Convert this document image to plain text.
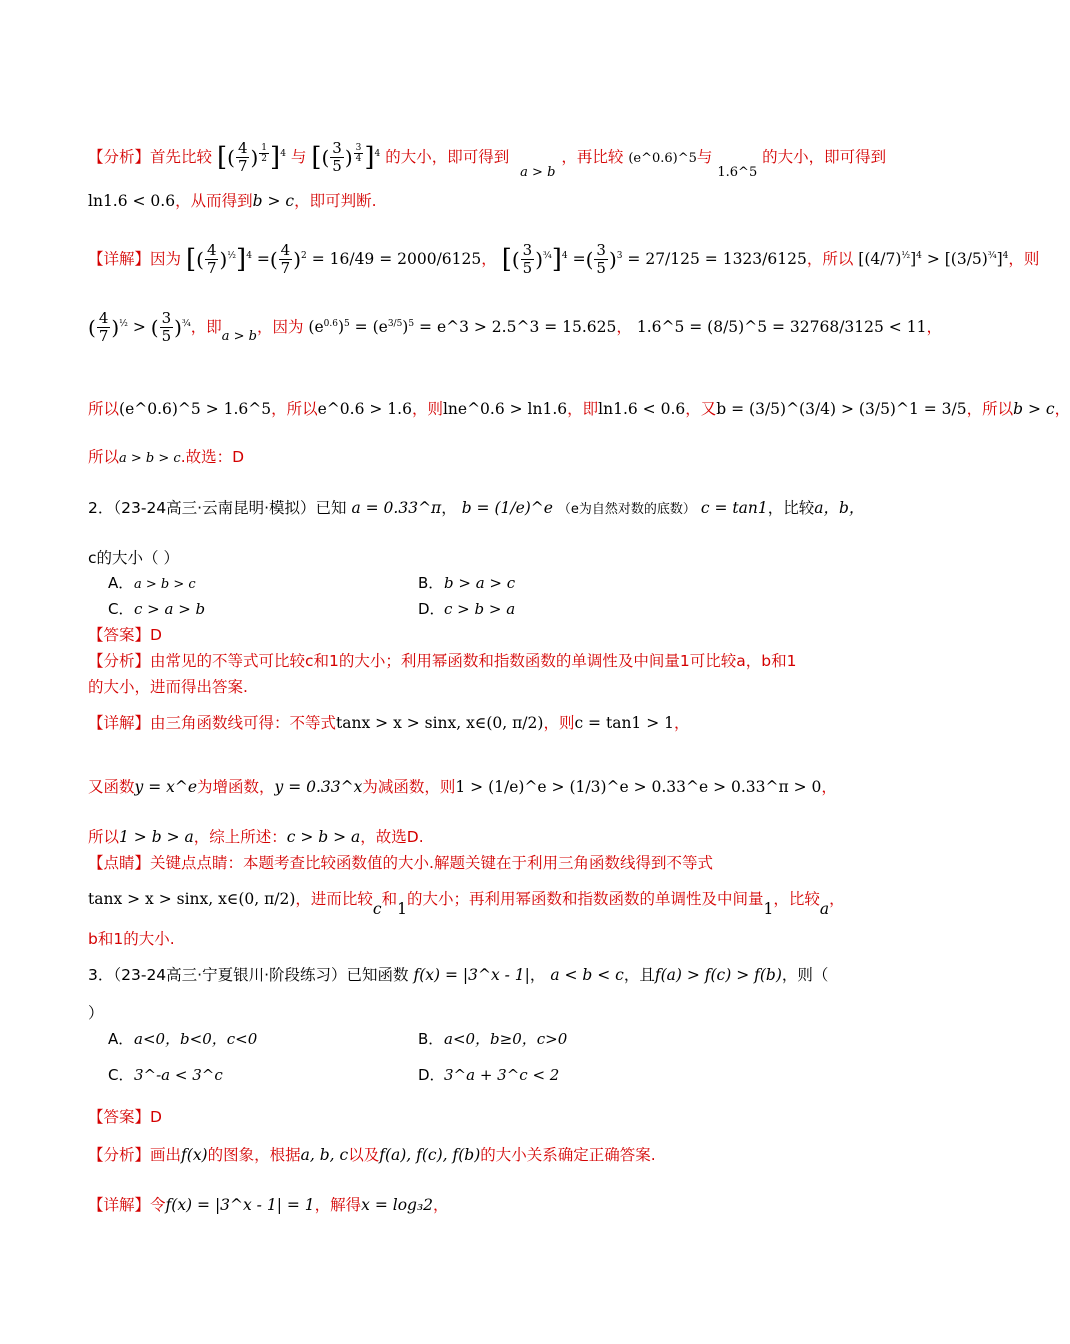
【分析】首先比较 [( $\frac{4}{7}$ ) $^{\frac{1}{2}}$ ]$^4$ 与 [( $\frac{3}{5}$ ) $^{\frac{3}{4}}$ ]$^4$ 的大小，即可得到 $_{a > b}$，再比较 (e^0.6)^5与 $_{1.6\^{}5}$ 的大小，即可得到
ln1.6 < 0.6，从而得到b > c，即可判断.
【详解】因为 [( $\frac{4}{7} )^{\frac{1}{2}}]^4$ =( $\frac{4}{7} )^2 = 16/49 = 2000/6125$， [( $\frac{3}{5} )^{\frac{3}{4}}]^4$ =( $\frac{3}{5} )^3 = 27/125 = 1323/6125$，所以 $[(4/7)^{\frac{1}{2}}]^4 > [(3/5)^{\frac{3}{4}}]^4$，则
( $\frac{4}{7} )^{\frac{1}{2}}$ > ( $\frac{3}{5} )^{\frac{3}{4}}$，即$_{a > b}$，因为 $(e^{0.6})^5 = (e^{3/5})^5$ = e^3 > 2.5^3 = 15.625， 1.6^5 = (8/5)^5 = 32768/3125 < 11，
所以(e^0.6)^5 > 1.6^5，所以e^0.6 > 1.6，则lne^0.6 > ln1.6，即ln1.6 < 0.6，又b = (3/5)^(3/4) > (3/5)^1 = 3/5，所以b > c，
所以a > b > c.故选：D
2．（23-24高三·云南昆明·模拟）已知 a = 0.33^π， b = (1/e)^e （e为自然对数的底数） c = tan1，比较a，b，
c的大小（ ）
A．a > b > c	B．b > a > c
C．c > a > b	D．c > b > a
【答案】D
【分析】由常见的不等式可比较c和1的大小；利用幂函数和指数函数的单调性及中间量1可比较a，b和1
的大小，进而得出答案.
【详解】由三角函数线可得：不等式tanx > x > sinx, x∈(0, π/2)，则c = tan1 > 1，
又函数y = x^e为增函数，y = 0.33^x为减函数，则1 > (1/e)^e > (1/3)^e > 0.33^e > 0.33^π > 0，
所以1 > b > a，综上所述：c > b > a，故选D.
【点睛】关键点点睛：本题考查比较函数值的大小.解题关键在于利用三角函数线得到不等式
tanx > x > sinx, x∈(0, π/2)，进而比较c和1的大小；再利用幂函数和指数函数的单调性及中间量1，比较a，
b和1的大小.
3．（23-24高三·宁夏银川·阶段练习）已知函数 f(x) = |3^x - 1|， a < b < c，且f(a) > f(c) > f(b)，则（
）
A．a<0，b<0，c<0	B．a<0，b≥0，c>0
C．3^-a < 3^c	D．3^a + 3^c < 2
【答案】D
【分析】画出f(x)的图象，根据a, b, c以及f(a), f(c), f(b)的大小关系确定正确答案.
【详解】令f(x) = |3^x - 1| = 1，解得x = log₃2，
